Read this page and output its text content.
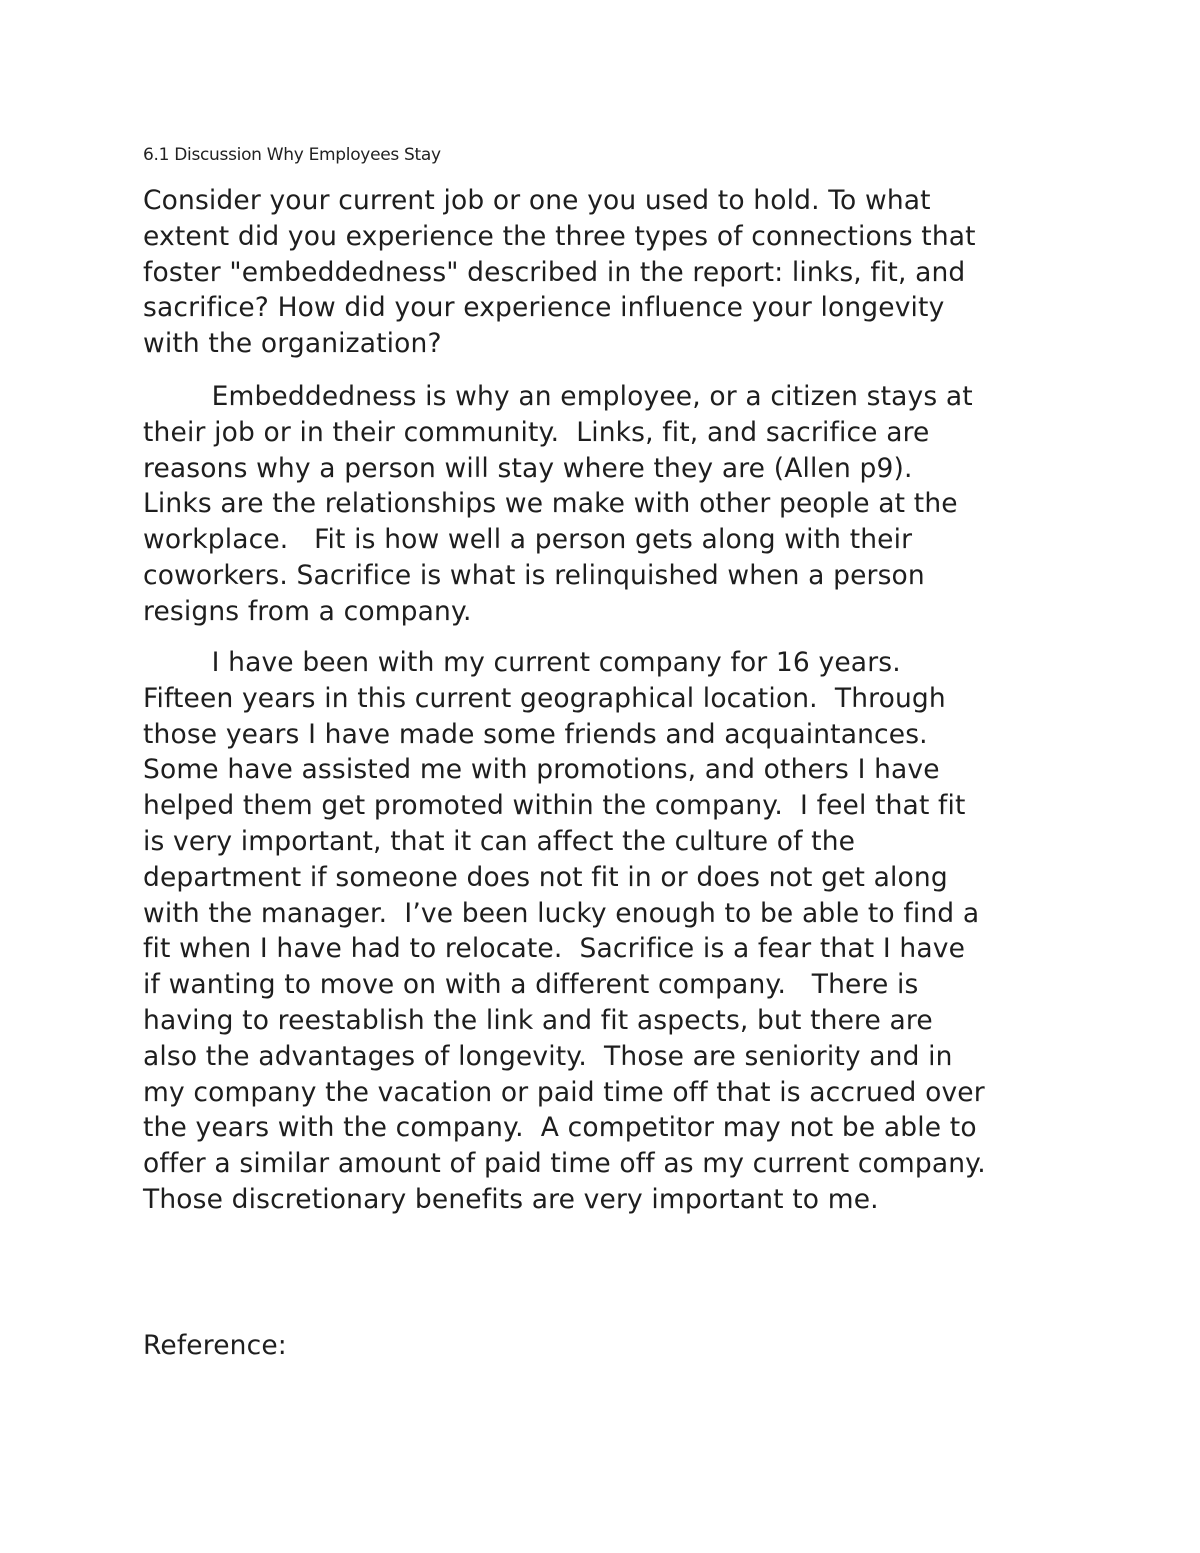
6.1 Discussion Why Employees Stay
Consider your current job or one you used to hold. To what
extent did you experience the three types of connections that
foster "embeddedness" described in the report: links, fit, and
sacrifice? How did your experience influence your longevity
with the organization?
Embeddedness is why an employee, or a citizen stays at
their job or in their community.  Links, fit, and sacrifice are
reasons why a person will stay where they are (Allen p9).
Links are the relationships we make with other people at the
workplace.   Fit is how well a person gets along with their
coworkers. Sacrifice is what is relinquished when a person
resigns from a company.
I have been with my current company for 16 years.
Fifteen years in this current geographical location.  Through
those years I have made some friends and acquaintances.
Some have assisted me with promotions, and others I have
helped them get promoted within the company.  I feel that fit
is very important, that it can affect the culture of the
department if someone does not fit in or does not get along
with the manager.  I’ve been lucky enough to be able to find a
fit when I have had to relocate.  Sacrifice is a fear that I have
if wanting to move on with a different company.   There is
having to reestablish the link and fit aspects, but there are
also the advantages of longevity.  Those are seniority and in
my company the vacation or paid time off that is accrued over
the years with the company.  A competitor may not be able to
offer a similar amount of paid time off as my current company.
Those discretionary benefits are very important to me.
Reference:
